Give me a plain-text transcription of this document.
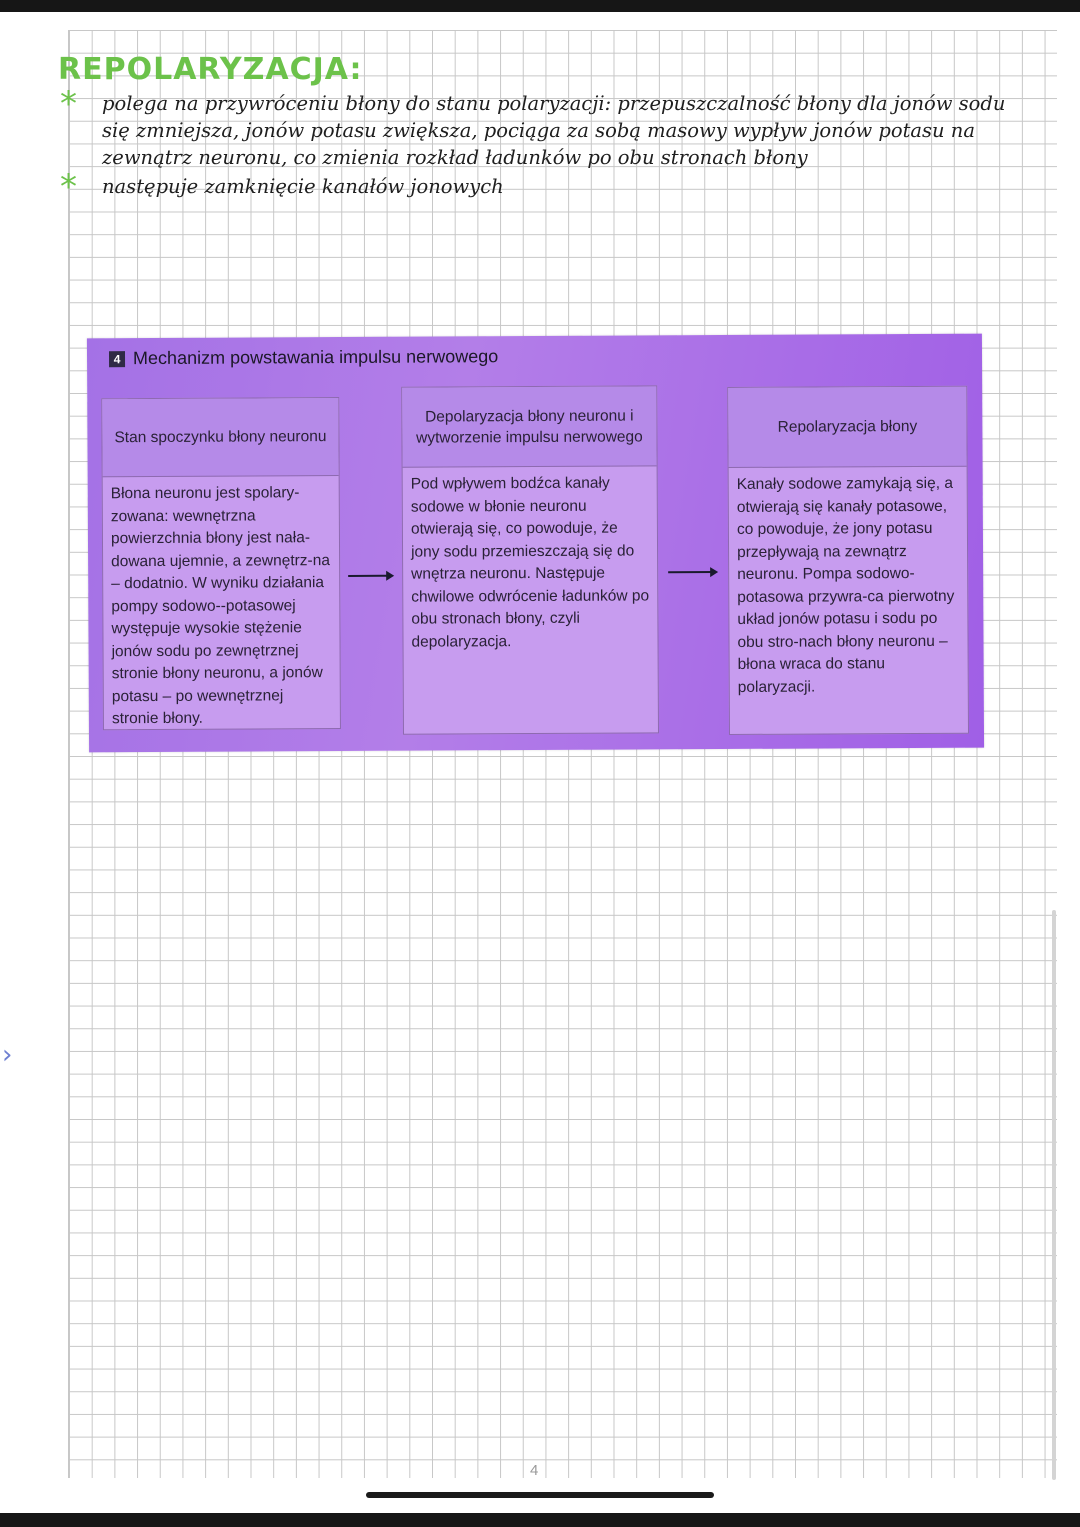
REPOLARYZACJA:
* polega na przywróceniu błony do stanu polaryzacji: przepuszczalność błony dla jonów sodu się zmniejsza, jonów potasu zwiększa, pociąga za sobą masowy wypływ jonów potasu na zewnątrz neuronu, co zmienia rozkład ładunków po obu stronach błony
* następuje zamknięcie kanałów jonowych
4 Mechanizm powstawania impulsu nerwowego
Stan spoczynku błony neuronu
Błona neuronu jest spolary-zowana: wewnętrzna powierzchnia błony jest nała-dowana ujemnie, a zewnętrz-na – dodatnio. W wyniku działania pompy sodowo--potasowej występuje wysokie stężenie jonów sodu po zewnętrznej stronie błony neuronu, a jonów potasu – po wewnętrznej stronie błony.
Depolaryzacja błony neuronu i wytworzenie impulsu nerwowego
Pod wpływem bodźca kanały sodowe w błonie neuronu otwierają się, co powoduje, że jony sodu przemieszczają się do wnętrza neuronu. Następuje chwilowe odwrócenie ładunków po obu stronach błony, czyli depolaryzacja.
Repolaryzacja błony
Kanały sodowe zamykają się, a otwierają się kanały potasowe, co powoduje, że jony potasu przepływają na zewnątrz neuronu. Pompa sodowo-potasowa przywra-ca pierwotny układ jonów potasu i sodu po obu stro-nach błony neuronu – błona wraca do stanu polaryzacji.
›
4
